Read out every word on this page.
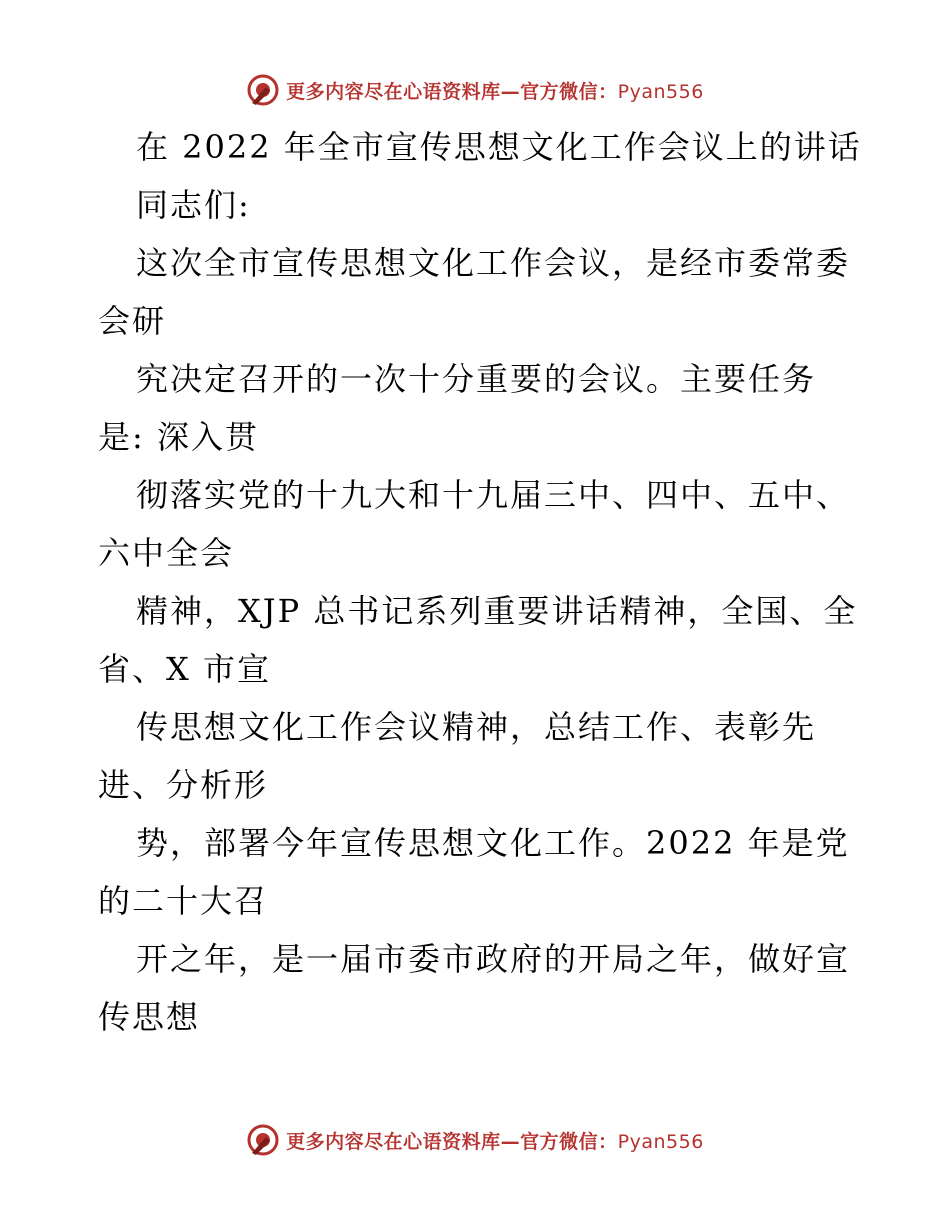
更多内容尽在心语资料库—官方微信：Pyan556
在 2022 年全市宣传思想文化工作会议上的讲话
同志们:
这次全市宣传思想文化工作会议，是经市委常委
会研
究决定召开的一次十分重要的会议。主要任务
是: 深入贯
彻落实党的十九大和十九届三中、四中、五中、
六中全会
精神，XJP 总书记系列重要讲话精神，全国、全
省、X 市宣
传思想文化工作会议精神，总结工作、表彰先
进、分析形
势，部署今年宣传思想文化工作。2022 年是党
的二十大召
开之年，是一届市委市政府的开局之年，做好宣
传思想
更多内容尽在心语资料库—官方微信：Pyan556
